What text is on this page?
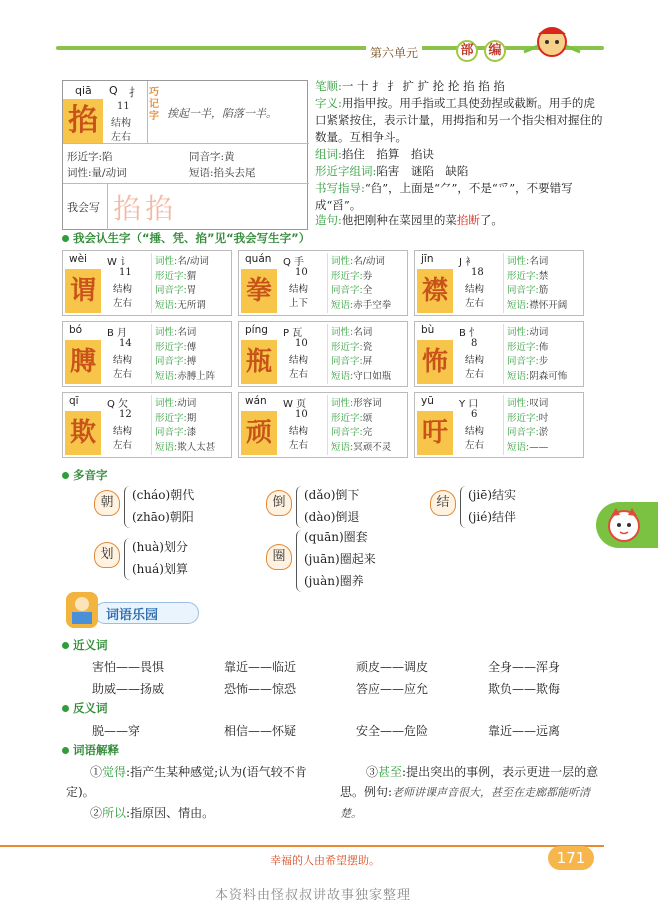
第六单元	部	编
qiā Q 扌
掐	11
结构
左右
巧记字 挨起一半，陷落一半。
形近字:陷	同音字:黄
词性:量/动词	短语:掐头去尾
我会写 掐掐
笔顺:一 十 扌 扌 扩 扩 抡 抡 掐 掐 掐
字义:用指甲按。用手指或工具使劲捏或截断。用手的虎口紧紧按住，表示计量，用拇指和另一个指尖相对握住的数量。互相争斗。
组词:掐住　掐算　掐诀
形近字组词:陷害　谜陷　缺陷
书写指导:“臽”，上面是“⺈”，不是“爫”，不要错写成“舀”。
造句:他把刚种在菜园里的菜掐断了。
我会认生字（“捶、凭、掐”见“我会写生字”）
wèi W 讠
谓
11
结构
左右
词性:名/动词
形近字:猬
同音字:胃
短语:无所谓
quán Q 手
拳
10
结构
上下
词性:名/动词
形近字:券
同音字:全
短语:赤手空拳
jīn	J 衤
襟
18
结构
左右
词性:名词
形近字:禁
同音字:筋
短语:襟怀开阔
bó B 月
膊
14
结构
左右
词性:名词
形近字:傅
同音字:搏
短语:赤膊上阵
píng P 瓦
瓶
10
结构
左右
词性:名词
形近字:瓷
同音字:屏
短语:守口如瓶
bù B 忄
怖
8
结构
左右
词性:动词
形近字:佈
同音字:步
短语:阴森可怖
qī	Q 欠
欺
12
结构
左右
词性:动词
形近字:期
同音字:漆
短语:欺人太甚
wán W 页
顽
10
结构
左右
词性:形容词
形近字:颂
同音字:完
短语:冥顽不灵
yū	Y 口
吁
6
结构
左右
词性:叹词
形近字:吋
同音字:淤
短语:——
多音字
朝	(cháo)朝代
(zhāo)朝阳
倒	(dǎo)倒下
(dào)倒退
结	(jiē)结实
(jié)结伴
划	(huà)划分
(huá)划算
圈
(quān)圈套
(juān)圈起来
(juàn)圈养
词语乐园
近义词
害怕——畏惧	靠近——临近	顽皮——调皮	全身——浑身
助威——扬威	恐怖——惊恐	答应——应允	欺负——欺侮
反义词
脱——穿	相信——怀疑	安全——危险	靠近——远离
词语解释
①觉得:指产生某种感觉;认为(语气较不肯定)。
②所以:指原因、情由。
③甚至:提出突出的事例，表示更进一层的意思。例句:老师讲课声音很大，甚至在走廊都能听清楚。
幸福的人由希望摆助。	171
本资料由怪叔叔讲故事独家整理
